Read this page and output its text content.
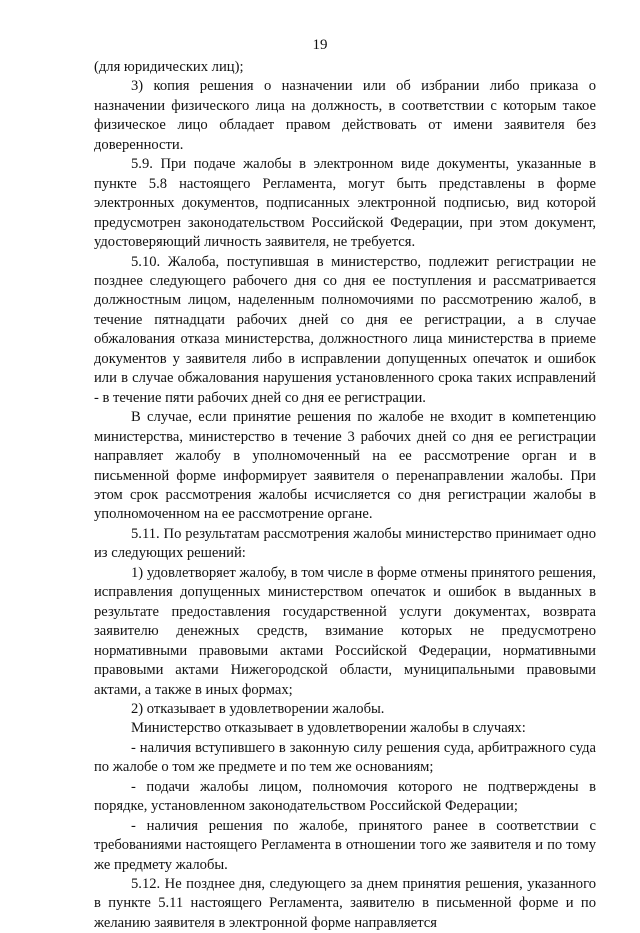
19

(для юридических лиц);

3) копия решения о назначении или об избрании либо приказа о назначении физического лица на должность, в соответствии с которым такое физическое лицо обладает правом действовать от имени заявителя без доверенности.

5.9. При подаче жалобы в электронном виде документы, указанные в пункте 5.8 настоящего Регламента, могут быть представлены в форме электронных документов, подписанных электронной подписью, вид которой предусмотрен законодательством Российской Федерации, при этом документ, удостоверяющий личность заявителя, не требуется.

5.10. Жалоба, поступившая в министерство, подлежит регистрации не позднее следующего рабочего дня со дня ее поступления и рассматривается должностным лицом, наделенным полномочиями по рассмотрению жалоб, в течение пятнадцати рабочих дней со дня ее регистрации, а в случае обжалования отказа министерства, должностного лица министерства в приеме документов у заявителя либо в исправлении допущенных опечаток и ошибок или в случае обжалования нарушения установленного срока таких исправлений - в течение пяти рабочих дней со дня ее регистрации.

В случае, если принятие решения по жалобе не входит в компетенцию министерства, министерство в течение 3 рабочих дней со дня ее регистрации направляет жалобу в уполномоченный на ее рассмотрение орган и в письменной форме информирует заявителя о перенаправлении жалобы. При этом срок рассмотрения жалобы исчисляется со дня регистрации жалобы в уполномоченном на ее рассмотрение органе.

5.11. По результатам рассмотрения жалобы министерство принимает одно из следующих решений:

1) удовлетворяет жалобу, в том числе в форме отмены принятого решения, исправления допущенных министерством опечаток и ошибок в выданных в результате предоставления государственной услуги документах, возврата заявителю денежных средств, взимание которых не предусмотрено нормативными правовыми актами Российской Федерации, нормативными правовыми актами Нижегородской области, муниципальными правовыми актами, а также в иных формах;

2) отказывает в удовлетворении жалобы.

Министерство отказывает в удовлетворении жалобы в случаях:

- наличия вступившего в законную силу решения суда, арбитражного суда по жалобе о том же предмете и по тем же основаниям;

- подачи жалобы лицом, полномочия которого не подтверждены в порядке, установленном законодательством Российской Федерации;

- наличия решения по жалобе, принятого ранее в соответствии с требованиями настоящего Регламента в отношении того же заявителя и по тому же предмету жалобы.

5.12. Не позднее дня, следующего за днем принятия решения, указанного в пункте 5.11 настоящего Регламента, заявителю в письменной форме и по желанию заявителя в электронной форме направляется
